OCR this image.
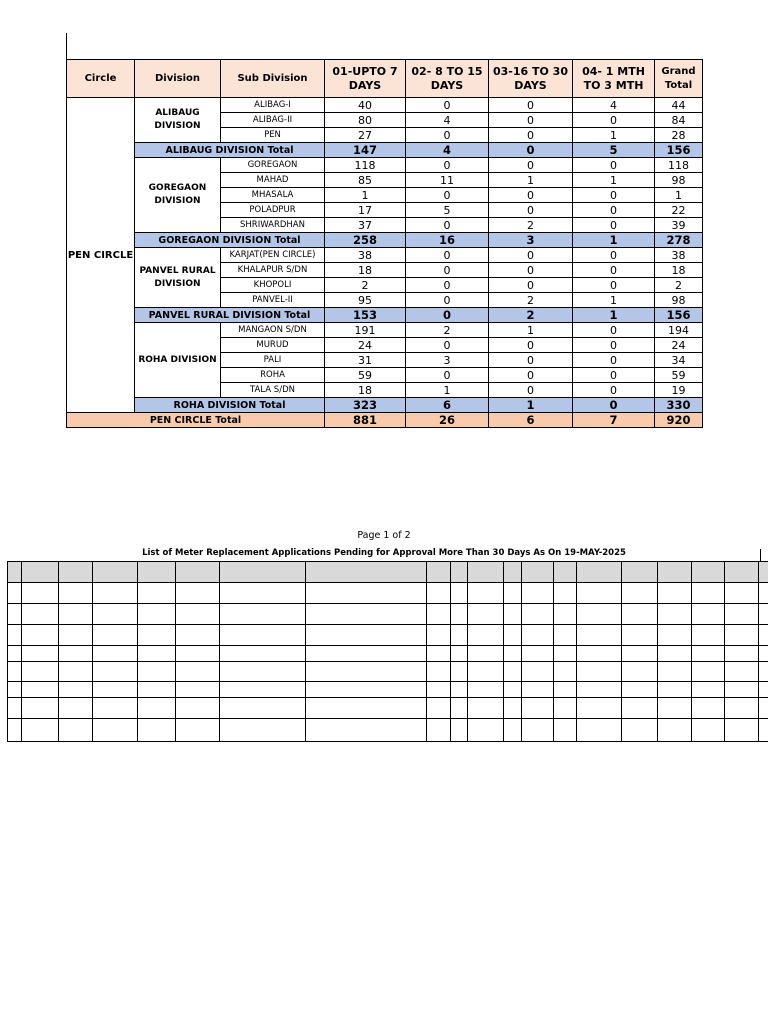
Circle	Division	Sub Division	01-UPTO 7 DAYS	02- 8 TO 15 DAYS	03-16 TO 30 DAYS	04- 1 MTH TO 3 MTH	Grand Total
PEN CIRCLE	ALIBAUG DIVISION	ALIBAG-I	40	0	0	4	44
		ALIBAG-II	80	4	0	0	84
		PEN	27	0	0	1	28
	ALIBAUG DIVISION Total		147	4	0	5	156
	GOREGAON DIVISION	GOREGAON	118	0	0	0	118
		MAHAD	85	11	1	1	98
		MHASALA	1	0	0	0	1
		POLADPUR	17	5	0	0	22
		SHRIWARDHAN	37	0	2	0	39
	GOREGAON DIVISION Total		258	16	3	1	278
	PANVEL RURAL DIVISION	KARJAT(PEN CIRCLE)	38	0	0	0	38
		KHALAPUR S/DN	18	0	0	0	18
		KHOPOLI	2	0	0	0	2
		PANVEL-II	95	0	2	1	98
	PANVEL RURAL DIVISION Total		153	0	2	1	156
	ROHA DIVISION	MANGAON S/DN	191	2	1	0	194
		MURUD	24	0	0	0	24
		PALI	31	3	0	0	34
		ROHA	59	0	0	0	59
		TALA S/DN	18	1	0	0	19
	ROHA DIVISION Total		323	6	1	0	330
PEN CIRCLE Total			881	26	6	7	920
Page 1 of 2
List of Meter Replacement Applications Pending for Approval More Than 30 Days As On 19-MAY-2025
